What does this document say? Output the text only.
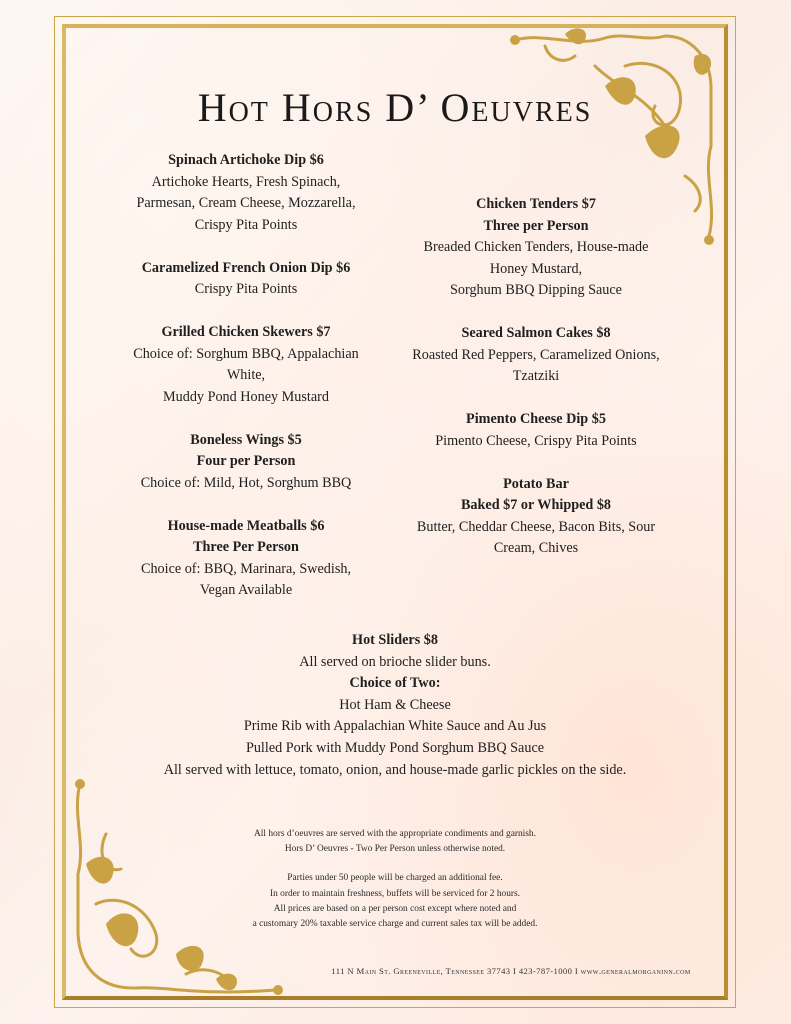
Hot Hors D’ Oeuvres
Spinach Artichoke Dip $6
Artichoke Hearts, Fresh Spinach,
Parmesan, Cream Cheese, Mozzarella,
Crispy Pita Points
Caramelized French Onion Dip $6
Crispy Pita Points
Grilled Chicken Skewers $7
Choice of: Sorghum BBQ, Appalachian
White,
Muddy Pond Honey Mustard
Boneless Wings $5
Four per Person
Choice of: Mild, Hot, Sorghum BBQ
House-made Meatballs $6
Three Per Person
Choice of: BBQ, Marinara, Swedish,
Vegan Available
Chicken Tenders $7
Three per Person
Breaded Chicken Tenders, House-made
Honey Mustard,
Sorghum BBQ Dipping Sauce
Seared Salmon Cakes $8
Roasted Red Peppers, Caramelized Onions,
Tzatziki
Pimento Cheese Dip $5
Pimento Cheese, Crispy Pita Points
Potato Bar
Baked $7 or Whipped $8
Butter, Cheddar Cheese, Bacon Bits, Sour
Cream, Chives
Hot Sliders $8
All served on brioche slider buns.
Choice of Two:
Hot Ham & Cheese
Prime Rib with Appalachian White Sauce and Au Jus
Pulled Pork with Muddy Pond Sorghum BBQ Sauce
All served with lettuce, tomato, onion, and house-made garlic pickles on the side.
All hors d’oeuvres are served with the appropriate condiments and garnish.
Hors D’ Oeuvres - Two Per Person unless otherwise noted.
Parties under 50 people will be charged an additional fee.
In order to maintain freshness, buffets will be serviced for 2 hours.
All prices are based on a per person cost except where noted and
a customary 20% taxable service charge and current sales tax will be added.
111 N Main St. Greeneville, Tennessee 37743 I 423-787-1000 I www.generalmorganinn.com
